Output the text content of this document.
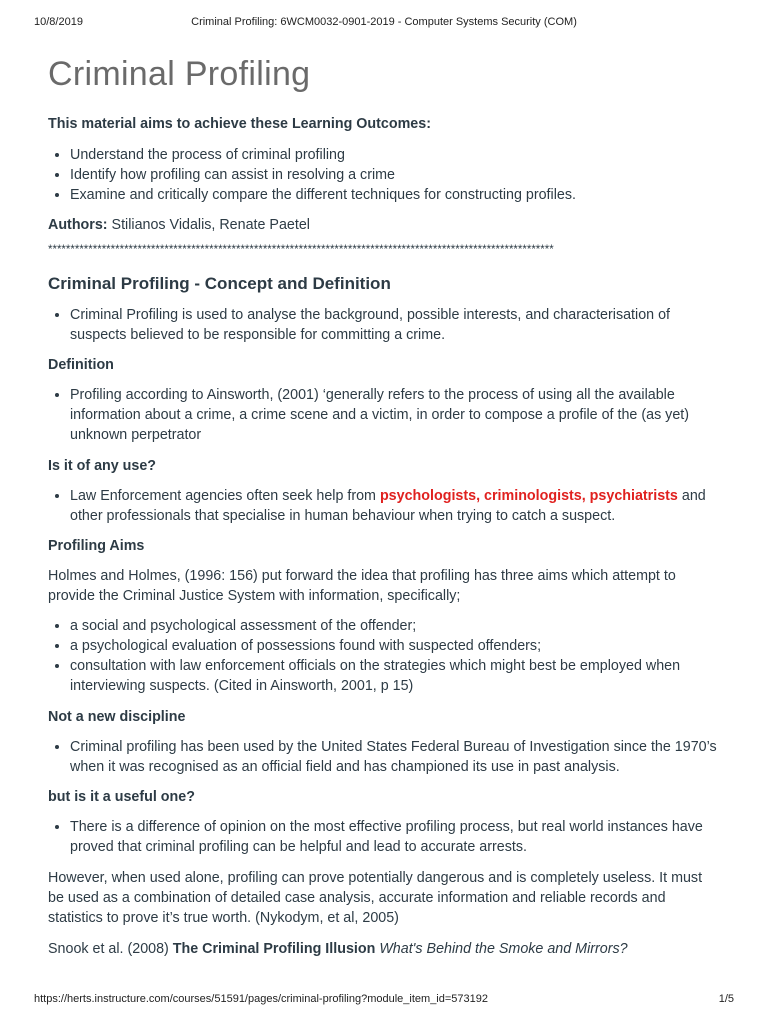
10/8/2019	Criminal Profiling: 6WCM0032-0901-2019 - Computer Systems Security (COM)
Criminal Profiling

This material aims to achieve these Learning Outcomes:

• Understand the process of criminal profiling
• Identify how profiling can assist in resolving a crime
• Examine and critically compare the different techniques for constructing profiles.

Authors: Stilianos Vidalis, Renate Paetel

*****************************************************************************************************************
Criminal Profiling - Concept and Definition
• Criminal Profiling is used to analyse the background, possible interests, and characterisation of suspects believed to be responsible for committing a crime.
Definition
• Profiling according to Ainsworth, (2001) ‘generally refers to the process of using all the available information about a crime, a crime scene and a victim, in order to compose a profile of the (as yet) unknown perpetrator
Is it of any use?
• Law Enforcement agencies often seek help from psychologists, criminologists, psychiatrists and other professionals that specialise in human behaviour when trying to catch a suspect.
Profiling Aims

Holmes and Holmes, (1996: 156) put forward the idea that profiling has three aims which attempt to provide the Criminal Justice System with information, specifically;

• a social and psychological assessment of the offender;
• a psychological evaluation of possessions found with suspected offenders;
• consultation with law enforcement officials on the strategies which might best be employed when interviewing suspects. (Cited in Ainsworth, 2001, p 15)
Not a new discipline
• Criminal profiling has been used by the United States Federal Bureau of Investigation since the 1970’s when it was recognised as an official field and has championed its use in past analysis.
but is it a useful one?
• There is a difference of opinion on the most effective profiling process, but real world instances have proved that criminal profiling can be helpful and lead to accurate arrests.

However, when used alone, profiling can prove potentially dangerous and is completely useless. It must be used as a combination of detailed case analysis, accurate information and reliable records and statistics to prove it’s true worth. (Nykodym, et al, 2005)

Snook et al. (2008) The Criminal Profiling Illusion What's Behind the Smoke and Mirrors?

https://herts.instructure.com/courses/51591/pages/criminal-profiling?module_item_id=573192	1/5
